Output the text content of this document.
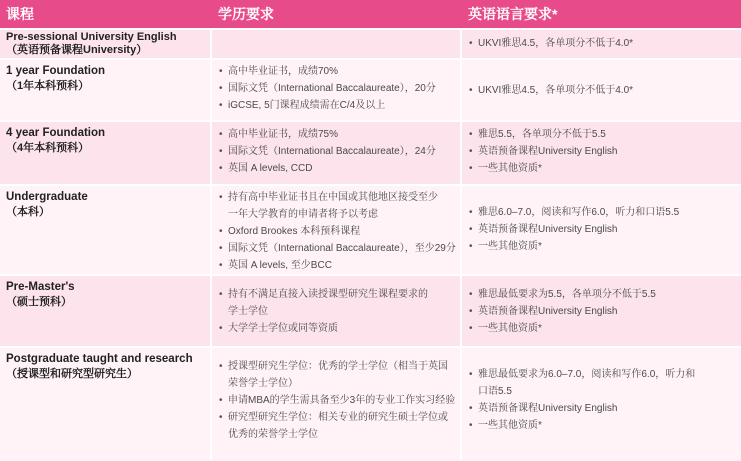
课程	学历要求	英语语言要求*
Pre-sessional University English
（英语预备课程University）
• UKVI雅思4.5，各单项分不低于4.0*
1 year Foundation
（1年本科预科）
• 高中毕业证书，成绩70%
• 国际文凭（International Baccalaureate），20分
• iGCSE, 5门课程成绩需在C/4及以上
• UKVI雅思4.5，各单项分不低于4.0*
4 year Foundation
（4年本科预科）
• 高中毕业证书，成绩75%
• 国际文凭（International Baccalaureate），24分
• 英国 A levels, CCD
• 雅思5.5，各单项分不低于5.5
• 英语预备课程University English
• 一些其他资质*
Undergraduate
（本科）
• 持有高中毕业证书且在中国或其他地区接受至少
一年大学教育的申请者将予以考虑
• Oxford Brookes 本科预科课程
• 国际文凭（International Baccalaureate），至少29分
• 英国 A levels, 至少BCC
• 雅思6.0–7.0，阅读和写作6.0，听力和口语5.5
• 英语预备课程University English
• 一些其他资质*
Pre-Master's
（硕士预科）
• 持有不满足直接入读授课型研究生课程要求的
学士学位
• 大学学士学位或同等资质
• 雅思最低要求为5.5，各单项分不低于5.5
• 英语预备课程University English
• 一些其他资质*
Postgraduate taught and research
（授课型和研究型研究生）
• 授课型研究生学位：优秀的学士学位（相当于英国
荣誉学士学位）
• 申请MBA的学生需具备至少3年的专业工作实习经验
• 研究型研究生学位：相关专业的研究生硕士学位或
优秀的荣誉学士学位
• 雅思最低要求为6.0–7.0，阅读和写作6.0，听力和
口语5.5
• 英语预备课程University English
• 一些其他资质*
